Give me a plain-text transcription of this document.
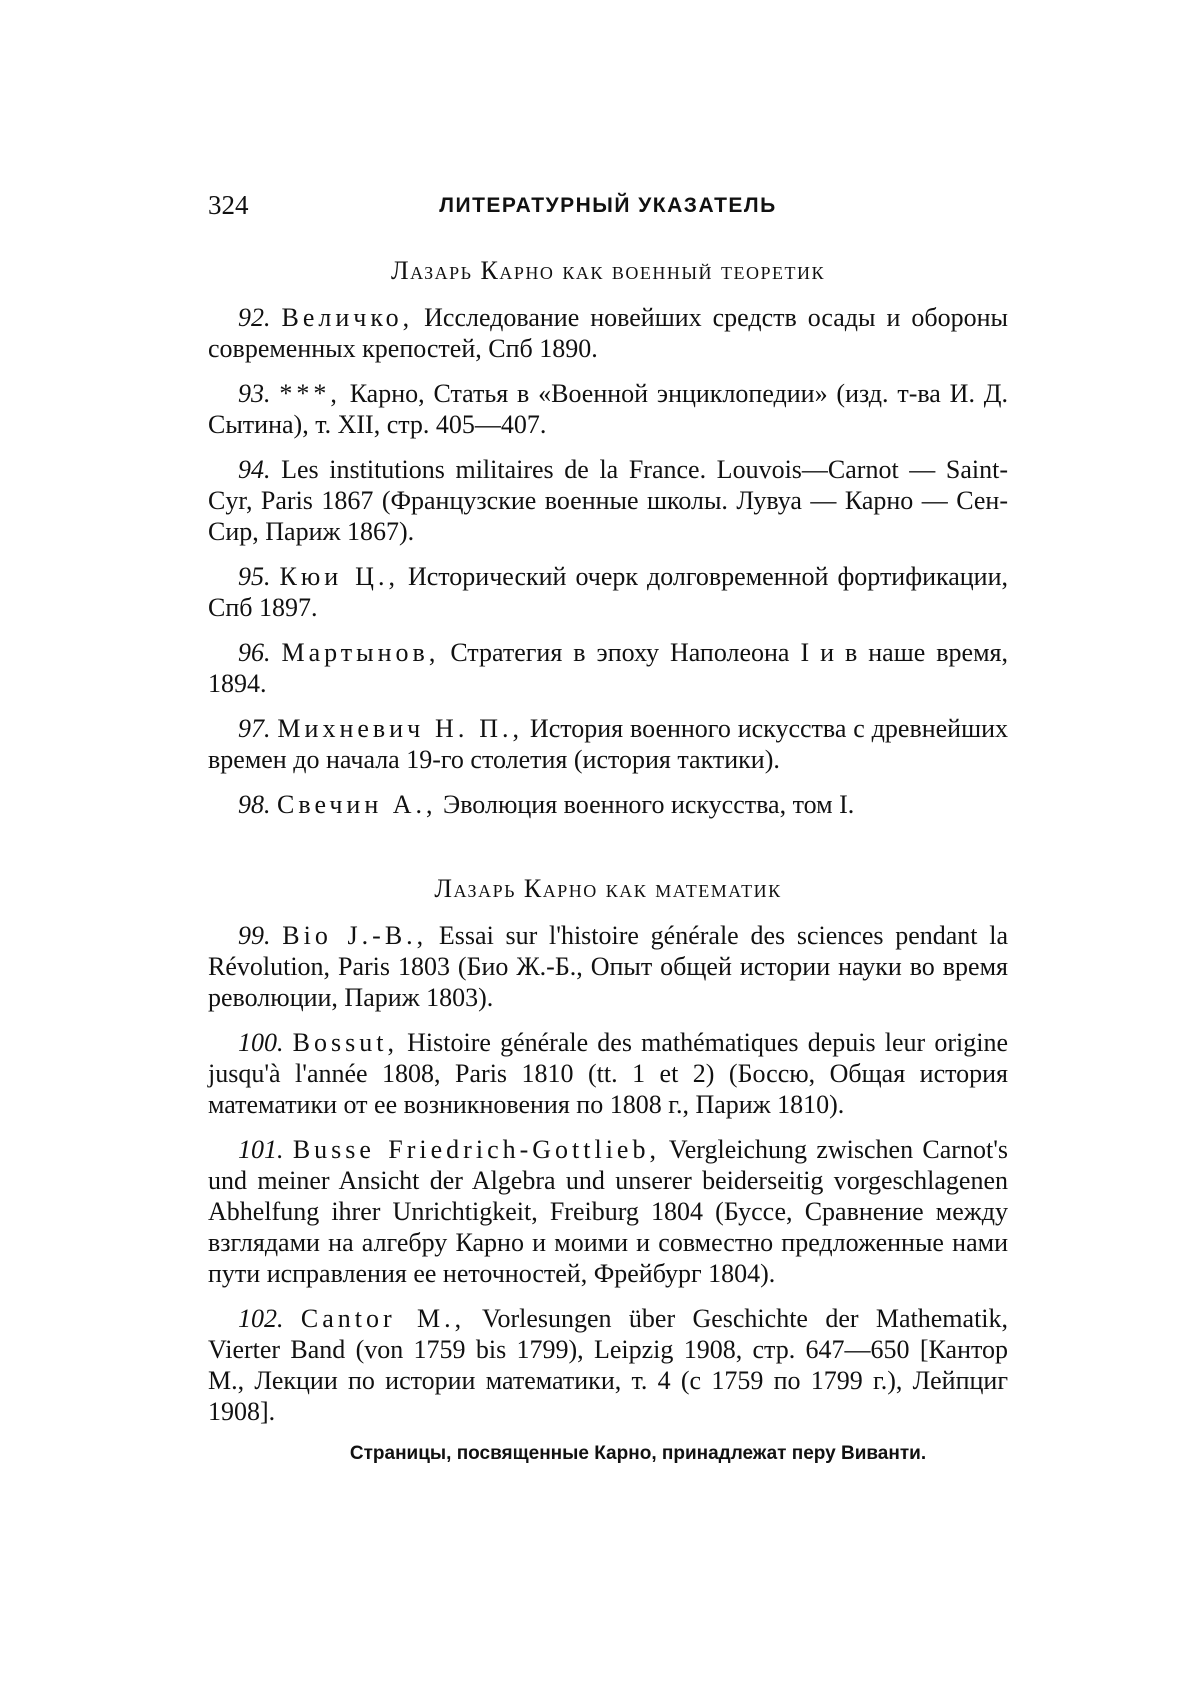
324	ЛИТЕРАТУРНЫЙ УКАЗАТЕЛЬ
Лазарь Карно как военный теоретик

92. Величко, Исследование новейших средств осады и обороны современных крепостей, Спб 1890.

93. ***, Карно, Статья в «Военной энциклопедии» (изд. т-ва И. Д. Сытина), т. XII, стр. 405—407.

94. Les institutions militaires de la France. Louvois—Carnot — Saint-Cyr, Paris 1867 (Французские военные школы. Лувуа — Карно — Сен-Сир, Париж 1867).

95. Кюи Ц., Исторический очерк долговременной фортификации, Спб 1897.

96. Мартынов, Стратегия в эпоху Наполеона I и в наше время, 1894.

97. Михневич Н. П., История военного искусства с древнейших времен до начала 19-го столетия (история тактики).

98. Свечин А., Эволюция военного искусства, том I.

Лазарь Карно как математик

99. Bio J.-B., Essai sur l'histoire générale des sciences pendant la Révolution, Paris 1803 (Био Ж.-Б., Опыт общей истории науки во время революции, Париж 1803).

100. Bossut, Histoire générale des mathématiques depuis leur origine jusqu'à l'année 1808, Paris 1810 (tt. 1 et 2) (Боссю, Общая история математики от ее возникновения по 1808 г., Париж 1810).

101. Busse Friedrich-Gottlieb, Vergleichung zwischen Carnot's und meiner Ansicht der Algebra und unserer beiderseitig vorgeschlagenen Abhelfung ihrer Unrichtigkeit, Freiburg 1804 (Буссе, Сравнение между взглядами на алгебру Карно и моими и совместно предложенные нами пути исправления ее неточностей, Фрейбург 1804).

102. Cantor M., Vorlesungen über Geschichte der Mathematik, Vierter Band (von 1759 bis 1799), Leipzig 1908, стр. 647—650 [Кантор М., Лекции по истории математики, т. 4 (с 1759 по 1799 г.), Лейпциг 1908].

Страницы, посвященные Карно, принадлежат перу Виванти.
